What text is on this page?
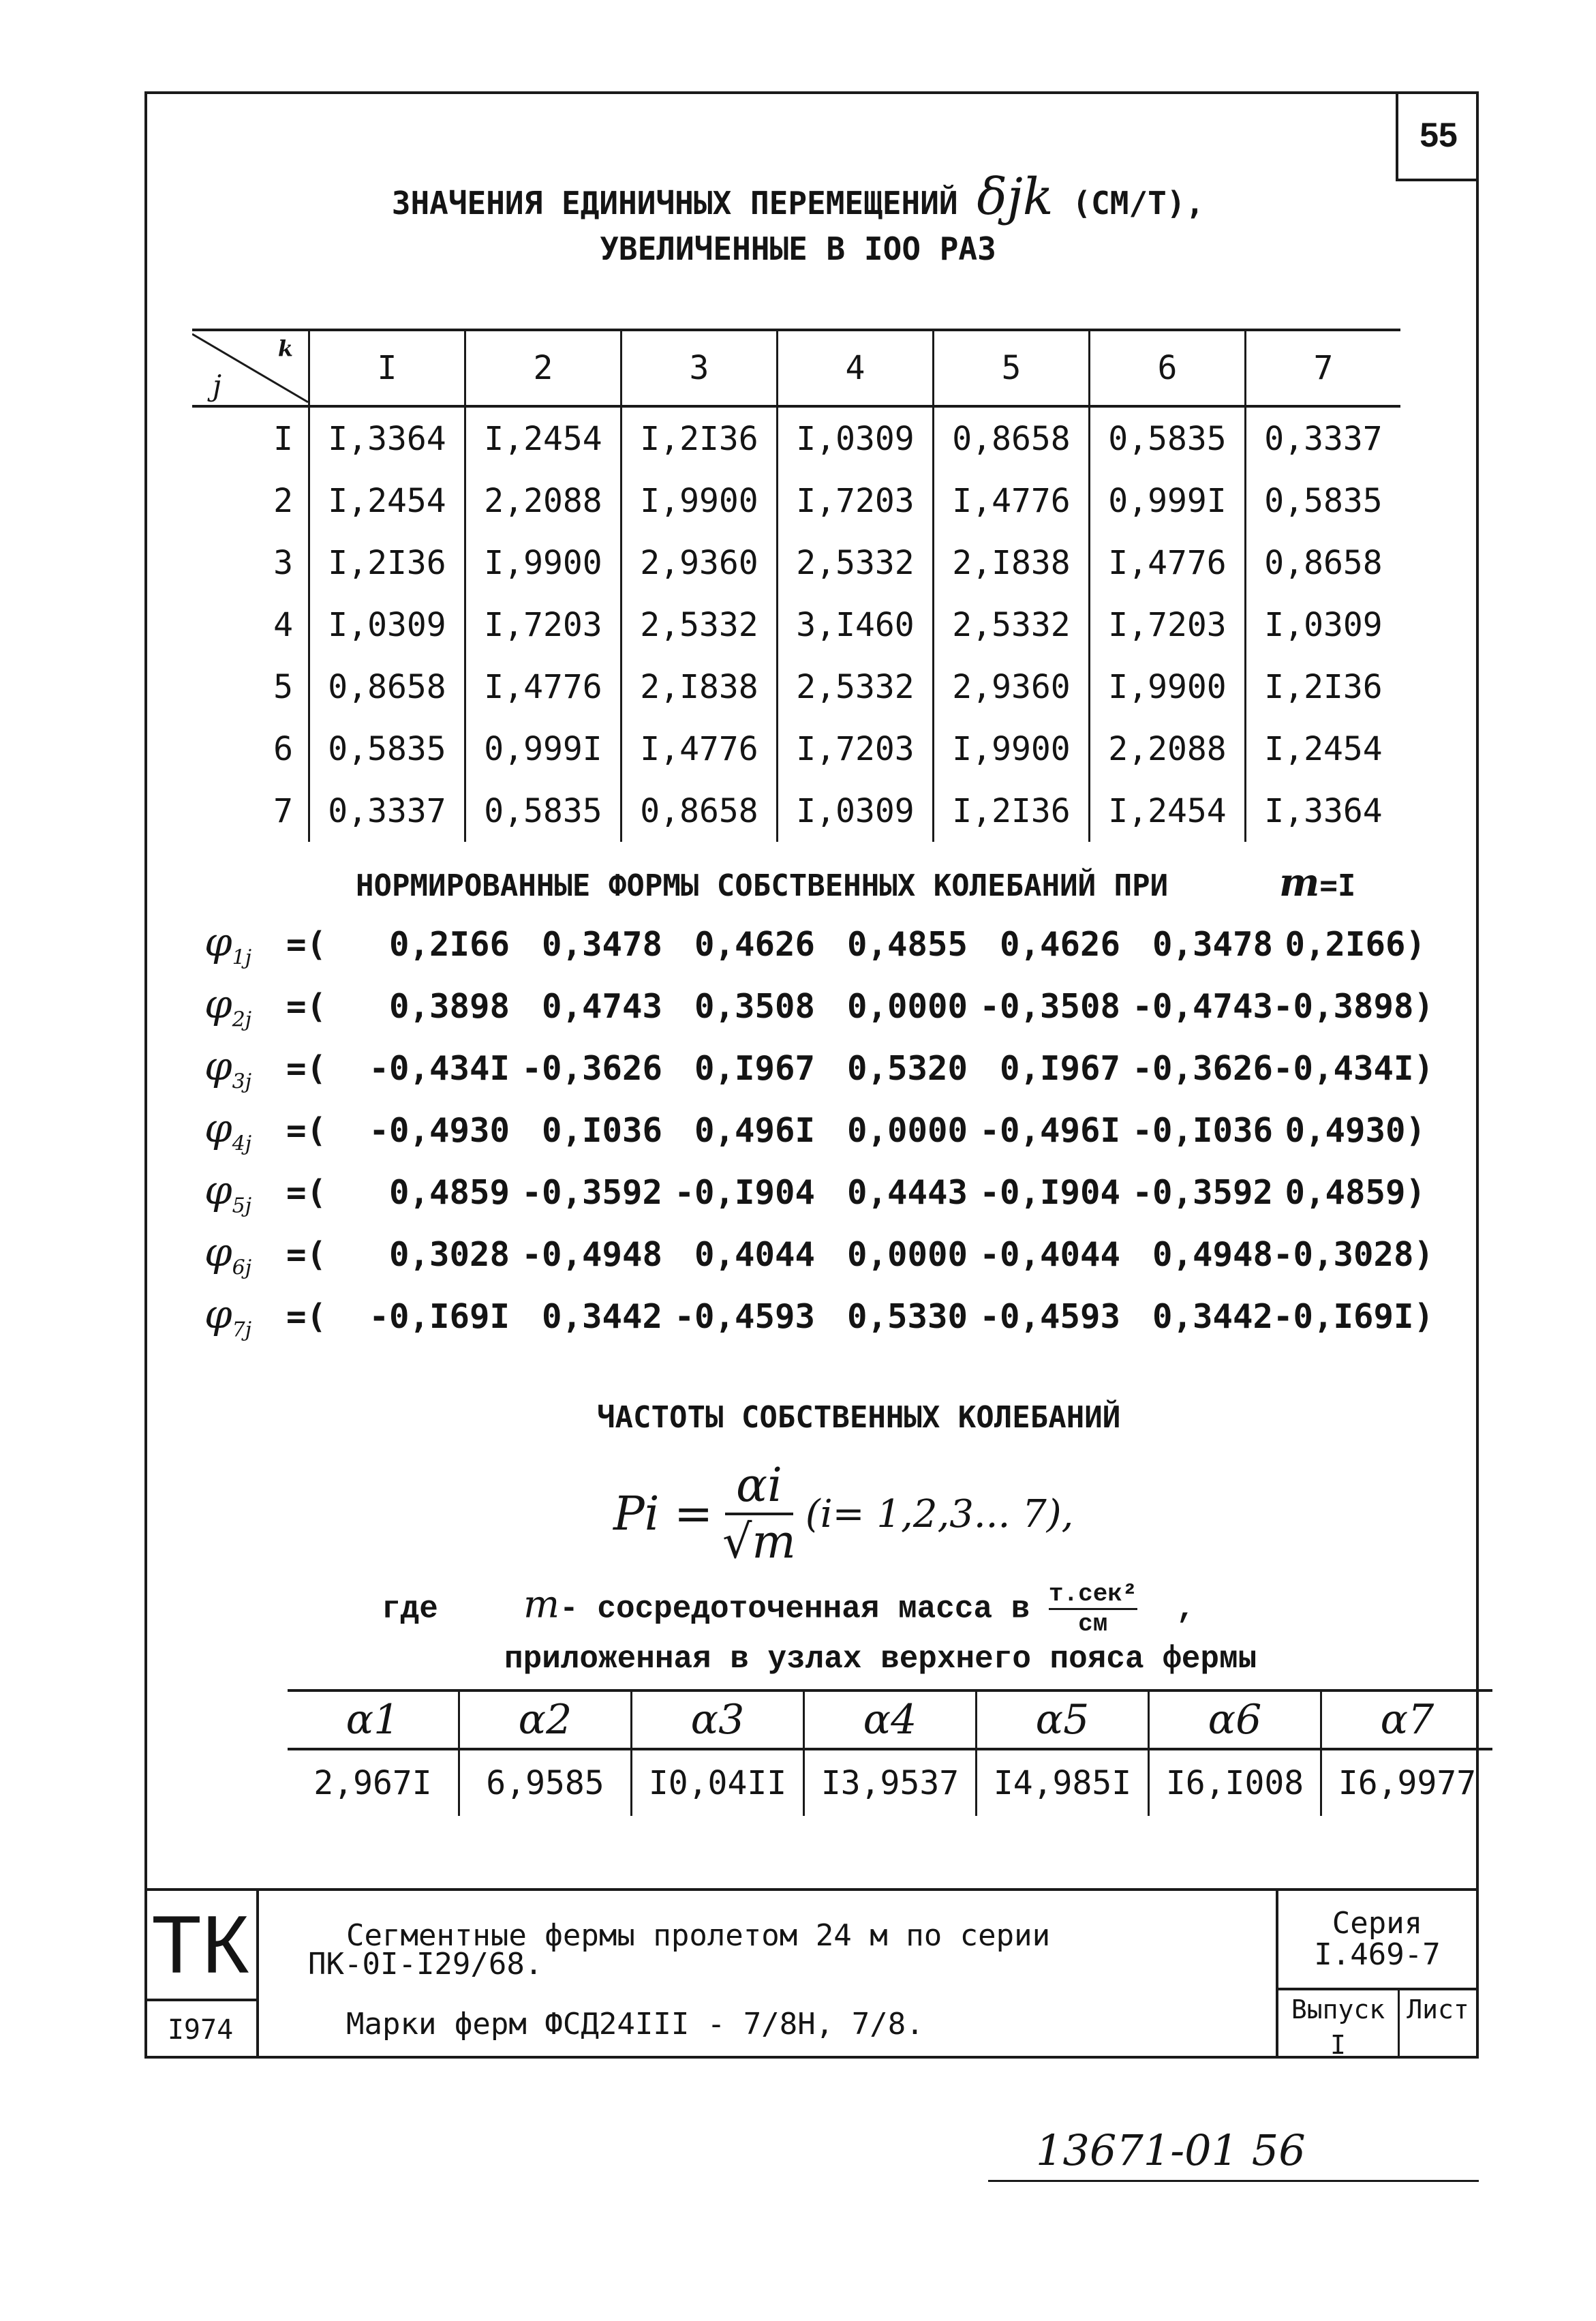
55
ЗНАЧЕНИЯ ЕДИНИЧНЫХ ПЕРЕМЕЩЕНИЙ δjk (СМ/Т),
УВЕЛИЧЕННЫЕ В IOO РАЗ
k
j	I	2	3	4	5	6	7
I	I,3364	I,2454	I,2I36	I,0309	0,8658	0,5835	0,3337
2	I,2454	2,2088	I,9900	I,7203	I,4776	0,999I	0,5835
3	I,2I36	I,9900	2,9360	2,5332	2,I838	I,4776	0,8658
4	I,0309	I,7203	2,5332	3,I460	2,5332	I,7203	I,0309
5	0,8658	I,4776	2,I838	2,5332	2,9360	I,9900	I,2I36
6	0,5835	0,999I	I,4776	I,7203	I,9900	2,2088	I,2454
7	0,3337	0,5835	0,8658	I,0309	I,2I36	I,2454	I,3364
НОРМИРОВАННЫЕ ФОРМЫ СОБСТВЕННЫХ КОЛЕБАНИЙ ПРИ	m=I
$\varphi_{1j}$	=(	0,2I66 0,3478 0,4626 0,4855 0,4626 0,3478 0,2I66)
$\varphi_{2j}$	=(	0,3898 0,4743 0,3508 0,0000 -0,3508 -0,4743 -0,3898)
$\varphi_{3j}$	=(	-0,434I -0,3626 0,I967 0,5320 0,I967 -0,3626 -0,434I)
$\varphi_{4j}$	=(	-0,4930 0,I036 0,496I 0,0000 -0,496I -0,I036 0,4930)
$\varphi_{5j}$	=(	0,4859 -0,3592 -0,I904 0,4443 -0,I904 -0,3592 0,4859)
$\varphi_{6j}$	=(	0,3028 -0,4948 0,4044 0,0000 -0,4044 0,4948 -0,3028)
$\varphi_{7j}$	=(	-0,I69I 0,3442 -0,4593 0,5330 -0,4593 0,3442 -0,I69I)
ЧАСТОТЫ СОБСТВЕННЫХ КОЛЕБАНИЙ
$Pi = \frac{\alpha i}{√m} (i= 1,2,3$... 7),
где m- сосредоточенная масса в т.сек²
см ,
приложенная в узлах верхнего пояса фермы
α1	α2	α3	α4	α5	α6	α7
2,967I	6,9585	I0,04II	I3,9537	I4,985I	I6,I008	I6,9977
ТК
I974
Сегментные фермы пролетом 24 м по серии
ПК-0I-I29/68.
Марки ферм ФСД24III - 7/8Н, 7/8.
Серия
I.469-7
Выпуск
I
Лист
13671-01 56
